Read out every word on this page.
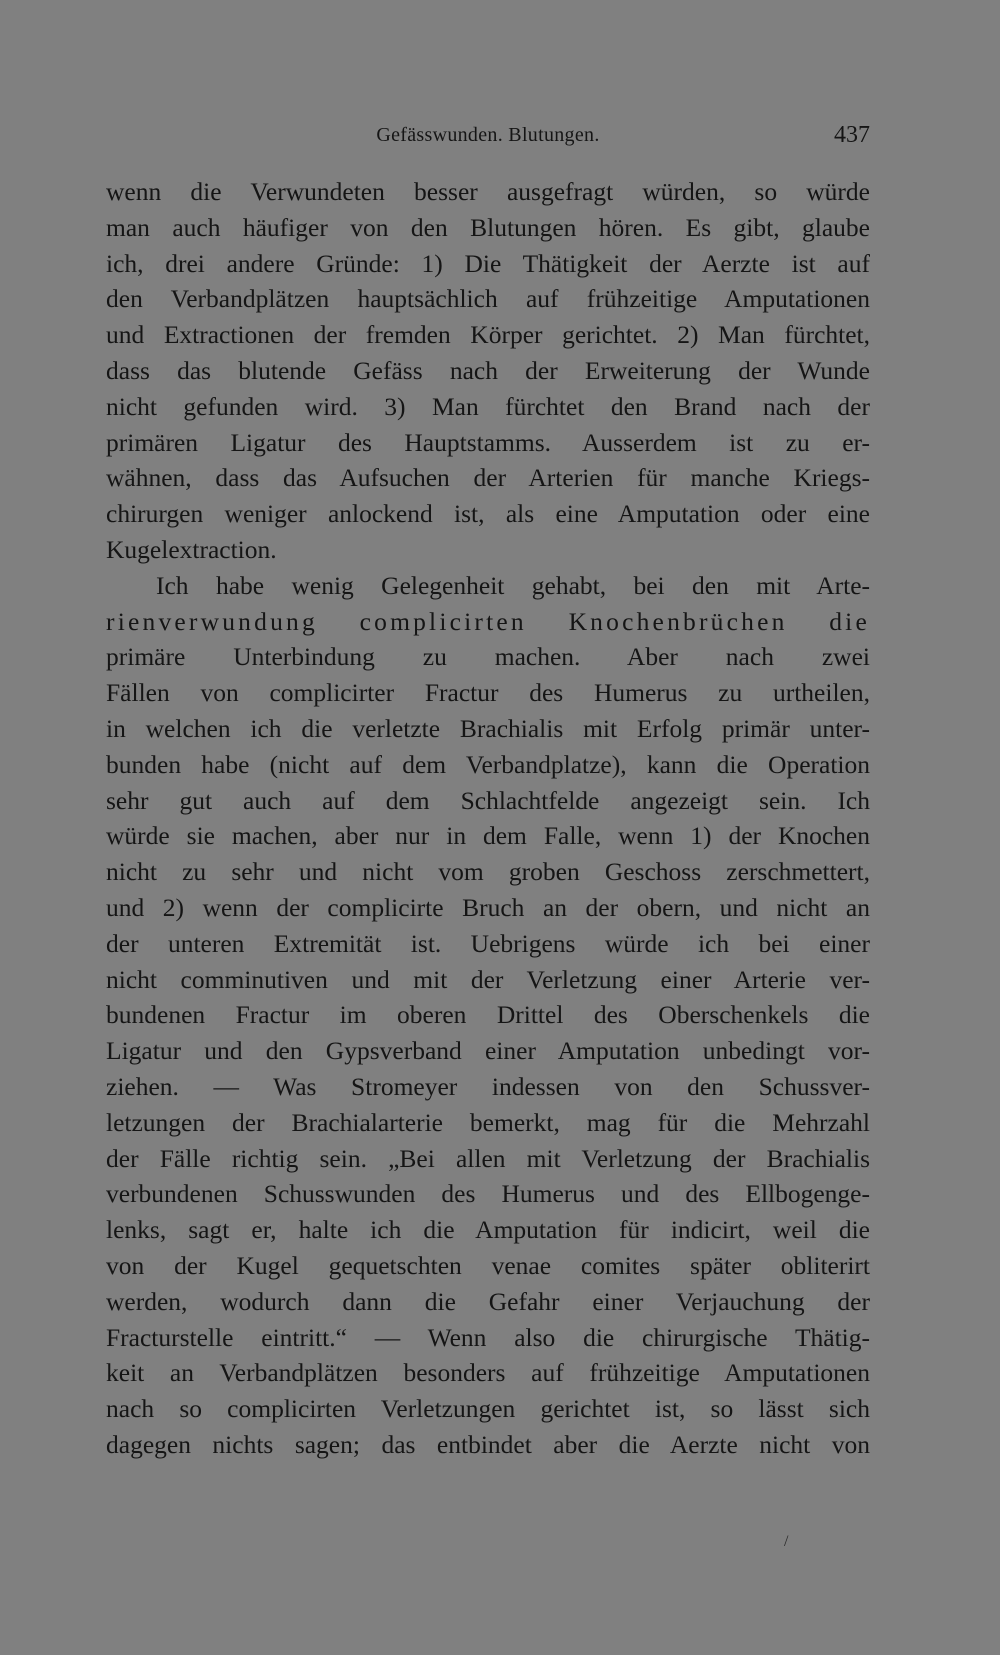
Gefässwunden. Blutungen.	437
wenn die Verwundeten besser ausgefragt würden, so würde
man auch häufiger von den Blutungen hören. Es gibt, glaube
ich, drei andere Gründe: 1) Die Thätigkeit der Aerzte ist auf
den Verbandplätzen hauptsächlich auf frühzeitige Amputationen
und Extractionen der fremden Körper gerichtet. 2) Man fürchtet,
dass das blutende Gefäss nach der Erweiterung der Wunde
nicht gefunden wird. 3) Man fürchtet den Brand nach der
primären Ligatur des Hauptstamms. Ausserdem ist zu er-
wähnen, dass das Aufsuchen der Arterien für manche Kriegs-
chirurgen weniger anlockend ist, als eine Amputation oder eine
Kugelextraction.
Ich habe wenig Gelegenheit gehabt, bei den mit Arte-
rienverwundung complicirten Knochenbrüchen die
primäre Unterbindung zu machen. Aber nach zwei
Fällen von complicirter Fractur des Humerus zu urtheilen,
in welchen ich die verletzte Brachialis mit Erfolg primär unter-
bunden habe (nicht auf dem Verbandplatze), kann die Operation
sehr gut auch auf dem Schlachtfelde angezeigt sein. Ich
würde sie machen, aber nur in dem Falle, wenn 1) der Knochen
nicht zu sehr und nicht vom groben Geschoss zerschmettert,
und 2) wenn der complicirte Bruch an der obern, und nicht an
der unteren Extremität ist. Uebrigens würde ich bei einer
nicht comminutiven und mit der Verletzung einer Arterie ver-
bundenen Fractur im oberen Drittel des Oberschenkels die
Ligatur und den Gypsverband einer Amputation unbedingt vor-
ziehen. — Was Stromeyer indessen von den Schussver-
letzungen der Brachialarterie bemerkt, mag für die Mehrzahl
der Fälle richtig sein. „Bei allen mit Verletzung der Brachialis
verbundenen Schusswunden des Humerus und des Ellbogenge-
lenks, sagt er, halte ich die Amputation für indicirt, weil die
von der Kugel gequetschten venae comites später obliterirt
werden, wodurch dann die Gefahr einer Verjauchung der
Fracturstelle eintritt.“ — Wenn also die chirurgische Thätig-
keit an Verbandplätzen besonders auf frühzeitige Amputationen
nach so complicirten Verletzungen gerichtet ist, so lässt sich
dagegen nichts sagen; das entbindet aber die Aerzte nicht von
/
